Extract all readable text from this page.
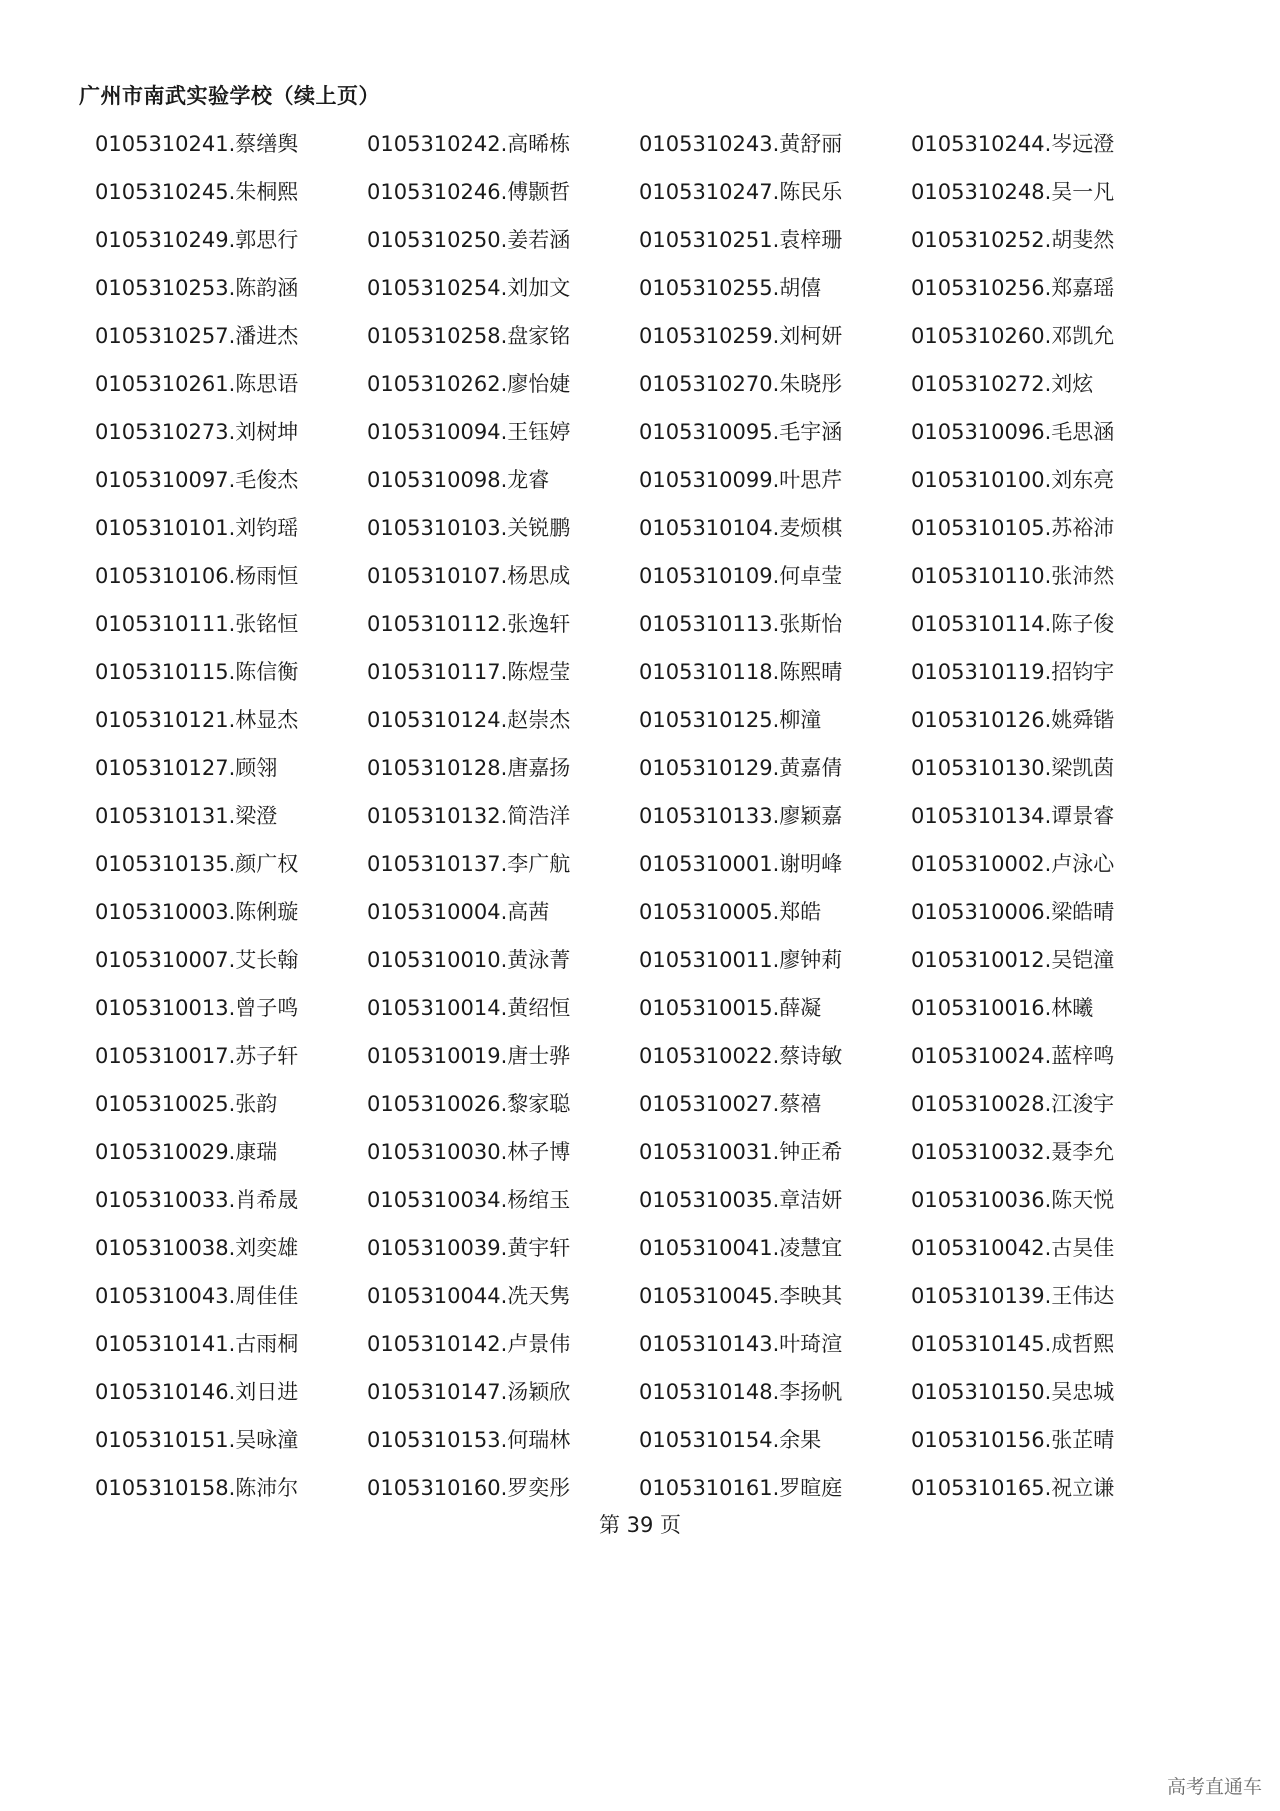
广州市南武实验学校（续上页）
0105310241.蔡缮舆	0105310242.高晞栋	0105310243.黄舒丽	0105310244.岑远澄
0105310245.朱桐熙	0105310246.傅颢哲	0105310247.陈民乐	0105310248.吴一凡
0105310249.郭思行	0105310250.姜若涵	0105310251.袁梓珊	0105310252.胡斐然
0105310253.陈韵涵	0105310254.刘加文	0105310255.胡僖	0105310256.郑嘉瑶
0105310257.潘进杰	0105310258.盘家铭	0105310259.刘柯妍	0105310260.邓凯允
0105310261.陈思语	0105310262.廖怡婕	0105310270.朱晓彤	0105310272.刘炫
0105310273.刘树坤	0105310094.王钰婷	0105310095.毛宇涵	0105310096.毛思涵
0105310097.毛俊杰	0105310098.龙睿	0105310099.叶思芹	0105310100.刘东亮
0105310101.刘钧瑶	0105310103.关锐鹏	0105310104.麦烦棋	0105310105.苏裕沛
0105310106.杨雨恒	0105310107.杨思成	0105310109.何卓莹	0105310110.张沛然
0105310111.张铭恒	0105310112.张逸轩	0105310113.张斯怡	0105310114.陈子俊
0105310115.陈信衡	0105310117.陈煜莹	0105310118.陈熙晴	0105310119.招钧宇
0105310121.林显杰	0105310124.赵崇杰	0105310125.柳潼	0105310126.姚舜锴
0105310127.顾翎	0105310128.唐嘉扬	0105310129.黄嘉倩	0105310130.梁凯茵
0105310131.梁澄	0105310132.简浩洋	0105310133.廖颖嘉	0105310134.谭景睿
0105310135.颜广权	0105310137.李广航	0105310001.谢明峰	0105310002.卢泳心
0105310003.陈俐璇	0105310004.高茜	0105310005.郑皓	0105310006.梁皓晴
0105310007.艾长翰	0105310010.黄泳菁	0105310011.廖钟莉	0105310012.吴铠潼
0105310013.曾子鸣	0105310014.黄绍恒	0105310015.薛凝	0105310016.林曦
0105310017.苏子轩	0105310019.唐士骅	0105310022.蔡诗敏	0105310024.蓝梓鸣
0105310025.张韵	0105310026.黎家聪	0105310027.蔡禧	0105310028.江浚宇
0105310029.康瑞	0105310030.林子博	0105310031.钟正希	0105310032.聂李允
0105310033.肖希晟	0105310034.杨绾玉	0105310035.章洁妍	0105310036.陈天悦
0105310038.刘奕雄	0105310039.黄宇轩	0105310041.凌慧宜	0105310042.古昊佳
0105310043.周佳佳	0105310044.冼天隽	0105310045.李映其	0105310139.王伟达
0105310141.古雨桐	0105310142.卢景伟	0105310143.叶琦渲	0105310145.成哲熙
0105310146.刘日进	0105310147.汤颖欣	0105310148.李扬帆	0105310150.吴忠城
0105310151.吴咏潼	0105310153.何瑞林	0105310154.余果	0105310156.张芷晴
0105310158.陈沛尔	0105310160.罗奕彤	0105310161.罗暄庭	0105310165.祝立谦
第 39 页
高考直通车
